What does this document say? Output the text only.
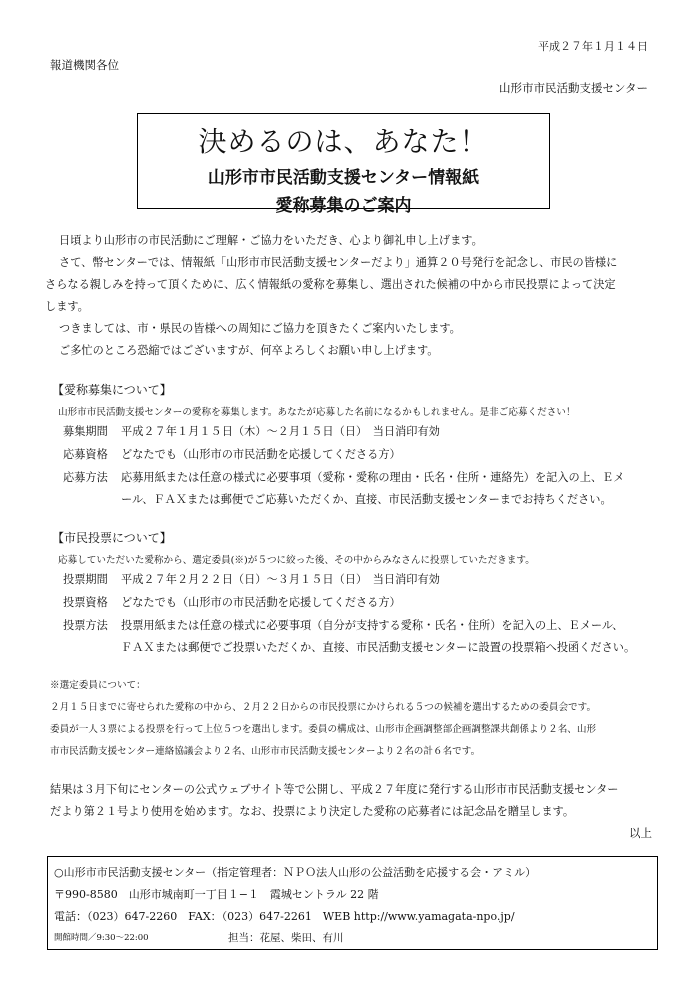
平成２７年１月１４日
報道機関各位
山形市市民活動支援センター
決めるのは、あなた！
山形市市民活動支援センター情報紙
愛称募集のご案内
日頃より山形市の市民活動にご理解・ご協力をいただき、心より御礼申し上げます。
さて、幣センターでは、情報紙「山形市市民活動支援センターだより」通算２０号発行を記念し、市民の皆様に
さらなる親しみを持って頂くために、広く情報紙の愛称を募集し、選出された候補の中から市民投票によって決定
します。
つきましては、市・県民の皆様への周知にご協力を頂きたくご案内いたします。
ご多忙のところ恐縮ではございますが、何卒よろしくお願い申し上げます。
【愛称募集について】
山形市市民活動支援センターの愛称を募集します。あなたが応募した名前になるかもしれません。是非ご応募ください！
募集期間 平成２７年１月１５日（木）～２月１５日（日）　当日消印有効
応募資格 どなたでも（山形市の市民活動を応援してくださる方）
応募方法 応募用紙または任意の様式に必要事項（愛称・愛称の理由・氏名・住所・連絡先）を記入の上、Ｅメ
ール、ＦＡＸまたは郵便でご応募いただくか、直接、市民活動支援センターまでお持ちください。
【市民投票について】
応募していただいた愛称から、選定委員(※)が５つに絞った後、その中からみなさんに投票していただきます。
投票期間 平成２７年２月２２日（日）～３月１５日（日）　当日消印有効
投票資格 どなたでも（山形市の市民活動を応援してくださる方）
投票方法 投票用紙または任意の様式に必要事項（自分が支持する愛称・氏名・住所）を記入の上、Ｅメール、
ＦＡＸまたは郵便でご投票いただくか、直接、市民活動支援センターに設置の投票箱へ投函ください。
※選定委員について：
２月１５日までに寄せられた愛称の中から、２月２２日からの市民投票にかけられる５つの候補を選出するための委員会です。
委員が一人３票による投票を行って上位５つを選出します。委員の構成は、山形市企画調整部企画調整課共創係より２名、山形
市市民活動支援センター連絡協議会より２名、山形市市民活動支援センターより２名の計６名です。
結果は３月下旬にセンターの公式ウェブサイト等で公開し、平成２７年度に発行する山形市市民活動支援センター
だより第２１号より使用を始めます。なお、投票により決定した愛称の応募者には記念品を贈呈します。
以上
○山形市市民活動支援センター（指定管理者：ＮＰＯ法人山形の公益活動を応援する会・アミル）
〒990-8580　山形市城南町一丁目１−１　霞城セントラル 22 階
電話：（023）647-2260　FAX：（023）647-2261　WEB http://www.yamagata-npo.jp/
開館時間／9:30～22:00	担当：花屋、柴田、有川
